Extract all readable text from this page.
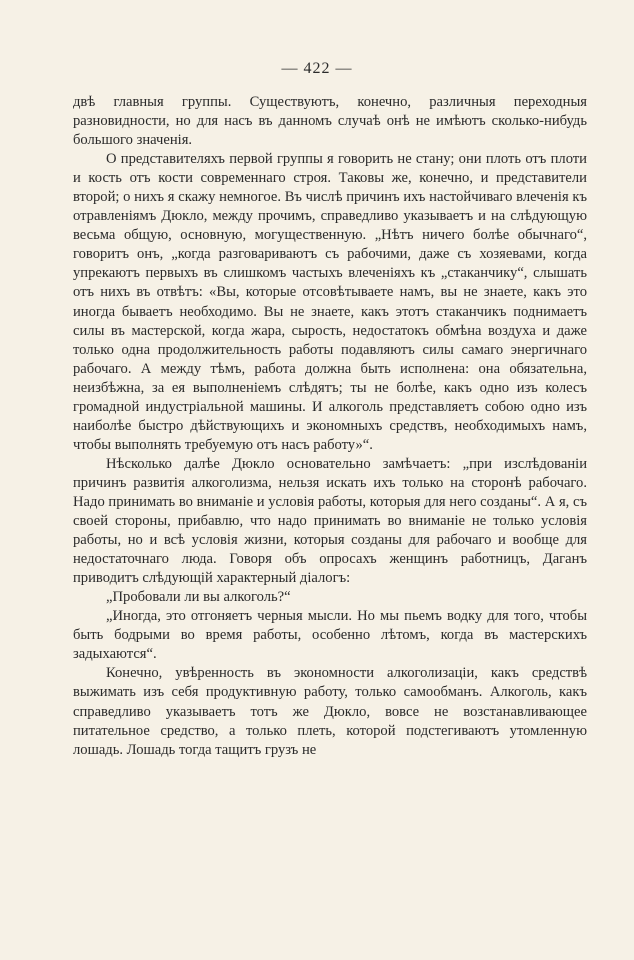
— 422 —

двѣ главныя группы. Существуютъ, конечно, различныя переходныя разновидности, но для насъ въ данномъ случаѣ онѣ не имѣютъ сколько-нибудь большого значенія.

О представителяхъ первой группы я говорить не стану; они плоть отъ плоти и кость отъ кости современнаго строя. Таковы же, конечно, и представители второй; о нихъ я скажу немногое. Въ числѣ причинъ ихъ настойчиваго влеченія къ отравленіямъ Дюкло, между прочимъ, справедливо указываетъ и на слѣдующую весьма общую, основную, могущественную. „Нѣтъ ничего болѣе обычнаго“, говоритъ онъ, „когда разговариваютъ съ рабочими, даже съ хозяевами, когда упрекаютъ первыхъ въ слишкомъ частыхъ влеченіяхъ къ „стаканчику“, слышать отъ нихъ въ отвѣтъ: «Вы, которые отсовѣтываете намъ, вы не знаете, какъ это иногда бываетъ необходимо. Вы не знаете, какъ этотъ стаканчикъ поднимаетъ силы въ мастерской, когда жара, сырость, недостатокъ обмѣна воздуха и даже только одна продолжительность работы подавляютъ силы самаго энергичнаго рабочаго. А между тѣмъ, работа должна быть исполнена: она обязательна, неизбѣжна, за ея выполненіемъ слѣдятъ; ты не болѣе, какъ одно изъ колесъ громадной индустріальной машины. И алкоголь представляетъ собою одно изъ наиболѣе быстро дѣйствующихъ и экономныхъ средствъ, необходимыхъ намъ, чтобы выполнять требуемую отъ насъ работу»“.

Нѣсколько далѣе Дюкло основательно замѣчаетъ: „при изслѣдованіи причинъ развитія алкоголизма, нельзя искать ихъ только на сторонѣ рабочаго. Надо принимать во вниманіе и условія работы, которыя для него созданы“. А я, съ своей стороны, прибавлю, что надо принимать во вниманіе не только условія работы, но и всѣ условія жизни, которыя созданы для рабочаго и вообще для недостаточнаго люда. Говоря объ опросахъ женщинъ работницъ, Даганъ приводитъ слѣдующій характерный діалогъ:

„Пробовали ли вы алкоголь?“

„Иногда, это отгоняетъ черныя мысли. Но мы пьемъ водку для того, чтобы быть бодрыми во время работы, особенно лѣтомъ, когда въ мастерскихъ задыхаются“.

Конечно, увѣренность въ экономности алкоголизаціи, какъ средствѣ выжимать изъ себя продуктивную работу, только самообманъ. Алкоголь, какъ справедливо указываетъ тотъ же Дюкло, вовсе не возстанавливающее питательное средство, а только плеть, которой подстегиваютъ утомленную лошадь. Лошадь тогда тащитъ грузъ не
